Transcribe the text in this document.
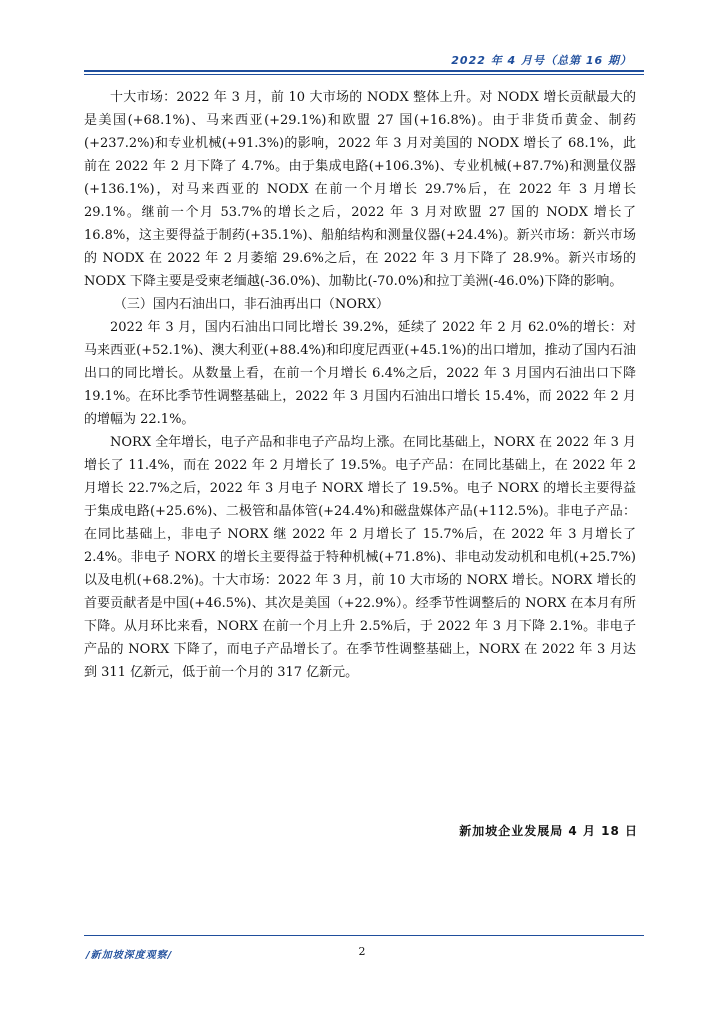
2022 年 4 月号（总第 16 期）

十大市场：2022 年 3 月，前 10 大市场的 NODX 整体上升。对 NODX 增长贡献最大的是美国(+68.1%)、马来西亚(+29.1%)和欧盟 27 国(+16.8%)。由于非货币黄金、制药(+237.2%)和专业机械(+91.3%)的影响，2022 年 3 月对美国的 NODX 增长了 68.1%，此前在 2022 年 2 月下降了 4.7%。由于集成电路(+106.3%)、专业机械(+87.7%)和测量仪器(+136.1%)，对马来西亚的 NODX 在前一个月增长 29.7%后，在 2022 年 3 月增长 29.1%。继前一个月 53.7%的增长之后，2022 年 3 月对欧盟 27 国的 NODX 增长了 16.8%，这主要得益于制药(+35.1%)、船舶结构和测量仪器(+24.4%)。新兴市场：新兴市场的 NODX 在 2022 年 2 月萎缩 29.6%之后，在 2022 年 3 月下降了 28.9%。新兴市场的 NODX 下降主要是受柬老缅越(-36.0%)、加勒比(-70.0%)和拉丁美洲(-46.0%)下降的影响。

（三）国内石油出口，非石油再出口（NORX）

2022 年 3 月，国内石油出口同比增长 39.2%，延续了 2022 年 2 月 62.0%的增长：对马来西亚(+52.1%)、澳大利亚(+88.4%)和印度尼西亚(+45.1%)的出口增加，推动了国内石油出口的同比增长。从数量上看，在前一个月增长 6.4%之后，2022 年 3 月国内石油出口下降 19.1%。在环比季节性调整基础上，2022 年 3 月国内石油出口增长 15.4%，而 2022 年 2 月的增幅为 22.1%。

NORX 全年增长，电子产品和非电子产品均上涨。在同比基础上，NORX 在 2022 年 3 月增长了 11.4%，而在 2022 年 2 月增长了 19.5%。电子产品：在同比基础上，在 2022 年 2 月增长 22.7%之后，2022 年 3 月电子 NORX 增长了 19.5%。电子 NORX 的增长主要得益于集成电路(+25.6%)、二极管和晶体管(+24.4%)和磁盘媒体产品(+112.5%)。非电子产品：在同比基础上，非电子 NORX 继 2022 年 2 月增长了 15.7%后，在 2022 年 3 月增长了 2.4%。非电子 NORX 的增长主要得益于特种机械(+71.8%)、非电动发动机和电机(+25.7%)以及电机(+68.2%)。十大市场：2022 年 3 月，前 10 大市场的 NORX 增长。NORX 增长的首要贡献者是中国(+46.5%)、其次是美国（+22.9%）。经季节性调整后的 NORX 在本月有所下降。从月环比来看，NORX 在前一个月上升 2.5%后，于 2022 年 3 月下降 2.1%。非电子产品的 NORX 下降了，而电子产品增长了。在季节性调整基础上，NORX 在 2022 年 3 月达到 311 亿新元，低于前一个月的 317 亿新元。

新加坡企业发展局 4 月 18 日
/新加坡深度观察/	2
